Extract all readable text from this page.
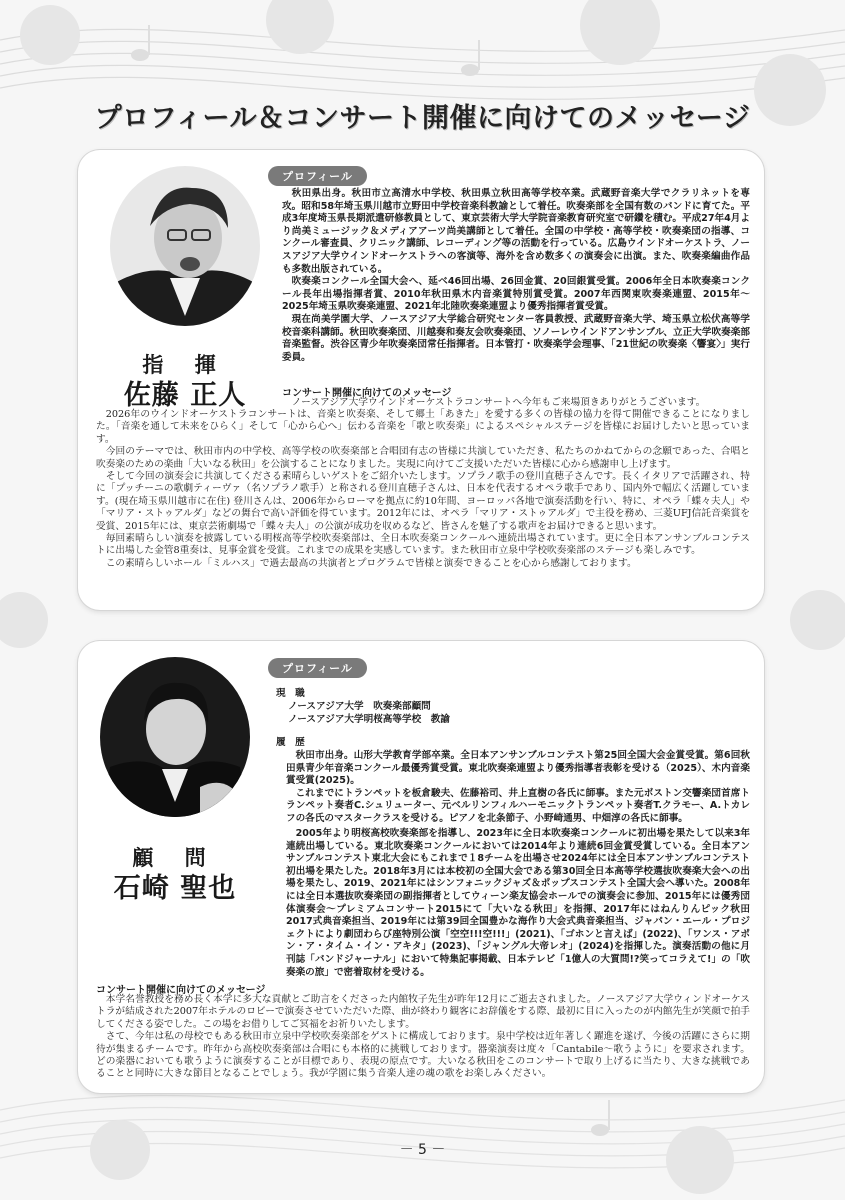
プロフィール＆コンサート開催に向けてのメッセージ
指 揮
佐藤 正人
プロフィール

秋田県出身。秋田市立高清水中学校、秋田県立秋田高等学校卒業。武蔵野音楽大学でクラリネットを専攻。昭和58年埼玉県川越市立野田中学校音楽科教諭として着任。吹奏楽部を全国有数のバンドに育てた。平成3年度埼玉県長期派遣研修教員として、東京芸術大学大学院音楽教育研究室で研鑽を積む。平成27年4月より尚美ミュージック＆メディアアーツ尚美講師として着任。全国の中学校・高等学校・吹奏楽団の指導、コンクール審査員、クリニック講師、レコーディング等の活動を行っている。広島ウインドオーケストラ、ノースアジア大学ウインドオーケストラへの客演等、海外を含め数多くの演奏会に出演。また、吹奏楽編曲作品も多数出版されている。

吹奏楽コンクール全国大会へ、延べ46回出場、26回金賞、20回銀賞受賞。2006年全日本吹奏楽コンクール長年出場指揮者賞、2010年秋田県木内音楽賞特別賞受賞。2007年西関東吹奏楽連盟、2015年～2025年埼玉県吹奏楽連盟、2021年北陸吹奏楽連盟より優秀指揮者賞受賞。

現在尚美学園大学、ノースアジア大学総合研究センター客員教授、武蔵野音楽大学、埼玉県立松伏高等学校音楽科講師。秋田吹奏楽団、川越奏和奏友会吹奏楽団、ソノーレウインドアンサンブル、立正大学吹奏楽部音楽監督。渋谷区青少年吹奏楽団常任指揮者。日本管打・吹奏楽学会理事、「21世紀の吹奏楽〈響宴〉」実行委員。

コンサート開催に向けてのメッセージ

ノースアジア大学ウインドオーケストラコンサートへ今年もご来場頂きありがとうございます。

2026年のウインドオーケストラコンサートは、音楽と吹奏楽、そして郷土「あきた」を愛する多くの皆様の協力を得て開催できることになりました。「音楽を通して未来をひらく」そして「心から心へ」伝わる音楽を「歌と吹奏楽」によるスペシャルステージを皆様にお届けしたいと思っています。

今回のテーマでは、秋田市内の中学校、高等学校の吹奏楽部と合唱団有志の皆様に共演していただき、私たちのかねてからの念願であった、合唱と吹奏楽のための楽曲「大いなる秋田」を公演することになりました。実現に向けてご支援いただいた皆様に心から感謝申し上げます。

そして今回の演奏会に共演してくださる素晴らしいゲストをご紹介いたします。ソプラノ歌手の登川直穂子さんです。長くイタリアで活躍され、特に「プッチーニの歌劇ティーヴァ（名ソプラノ歌手）と称される登川直穂子さんは、日本を代表するオペラ歌手であり、国内外で幅広く活躍しています。(現在埼玉県川越市に在住) 登川さんは、2006年からローマを拠点に約10年間、ヨーロッパ各地で演奏活動を行い、特に、オペラ「蝶々夫人」や「マリア・ストゥアルダ」などの舞台で高い評価を得ています。2012年には、オペラ「マリア・ストゥアルダ」で主役を務め、三菱UFJ信託音楽賞を受賞、2015年には、東京芸術劇場で「蝶々夫人」の公演が成功を収めるなど、皆さんを魅了する歌声をお届けできると思います。

毎回素晴らしい演奏を披露している明桜高等学校吹奏楽部は、全日本吹奏楽コンクールへ連続出場されています。更に全日本アンサンブルコンテストに出場した金管8重奏は、見事金賞を受賞。これまでの成果を実感しています。また秋田市立泉中学校吹奏楽部のステージも楽しみです。

この素晴らしいホール「ミルハス」で過去最高の共演者とプログラムで皆様と演奏できることを心から感謝しております。

顧 問
石崎 聖也
プロフィール
現　職
ノースアジア大学　吹奏楽部顧問
ノースアジア大学明桜高等学校　教諭
履　歴

秋田市出身。山形大学教育学部卒業。全日本アンサンブルコンテスト第25回全国大会金賞受賞。第6回秋田県青少年音楽コンクール最優秀賞受賞。東北吹奏楽連盟より優秀指導者表彰を受ける（2025）、木内音楽賞受賞(2025)。

これまでにトランペットを板倉駿夫、佐藤裕司、井上直樹の各氏に師事。また元ボストン交響楽団首席トランペット奏者C.シュリューター、元ベルリンフィルハーモニックトランペット奏者T.クラモー、A.トカレフの各氏のマスタークラスを受ける。ピアノを北条節子、小野崎通男、中畑淳の各氏に師事。

2005年より明桜高校吹奏楽部を指導し、2023年に全日本吹奏楽コンクールに初出場を果たして以来3年連続出場している。東北吹奏楽コンクールにおいては2014年より連続6回金賞受賞している。全日本アンサンブルコンテスト東北大会にもこれまで１8チームを出場させ2024年には全日本アンサンブルコンテスト初出場を果たした。2018年3月には本校初の全国大会である第30回全日本高等学校選抜吹奏楽大会への出場を果たし、2019、2021年にはシンフォニックジャズ＆ポップスコンテスト全国大会へ導いた。2008年には全日本選抜吹奏楽団の副指揮者としてウィーン楽友協会ホールでの演奏会に参加、2015年には優秀団体演奏会～プレミアムコンサート2015にて「大いなる秋田」を指揮、2017年にはねんりんピック秋田2017式典音楽担当、2019年には第39回全国豊かな海作り大会式典音楽担当、ジャパン・エール・プロジェクトにより劇団わらび座特別公演「空空!!!空!!!」(2021)、「ゴホンと言えば」(2022)、「ワンス・アポン・ア・タイム・イン・アキタ」(2023)、「ジャングル大帝レオ」(2024)を指揮した。演奏活動の他に月刊誌「バンドジャーナル」において特集記事掲載、日本テレビ「1億人の大質問!?笑ってコラえて!」の「吹奏楽の旅」で密着取材を受ける。

コンサート開催に向けてのメッセージ

本学名誉教授を務め長く本学に多大な貢献とご助言をくださった内館牧子先生が昨年12月にご逝去されました。ノースアジア大学ウィンドオーケストラが結成された2007年ホテルのロビーで演奏させていただいた際、曲が終わり観客にお辞儀をする際、最初に目に入ったのが内館先生が笑顔で拍手してくださる姿でした。この場をお借りしてご冥福をお祈りいたします。

さて、今年は私の母校でもある秋田市立泉中学校吹奏楽部をゲストに構成しております。泉中学校は近年著しく躍進を遂げ、今後の活躍にさらに期待が集まるチームです。昨年から高校吹奏楽部は合唱にも本格的に挑戦しております。器楽演奏は度々「Cantabile～歌うように」を要求されます。どの楽器においても歌うように演奏することが目標であり、表現の原点です。大いなる秋田をこのコンサートで取り上げるに当たり、大きな挑戦であることと同時に大きな節目となることでしょう。我が学園に集う音楽人達の魂の歌をお楽しみください。

－ 5 －
